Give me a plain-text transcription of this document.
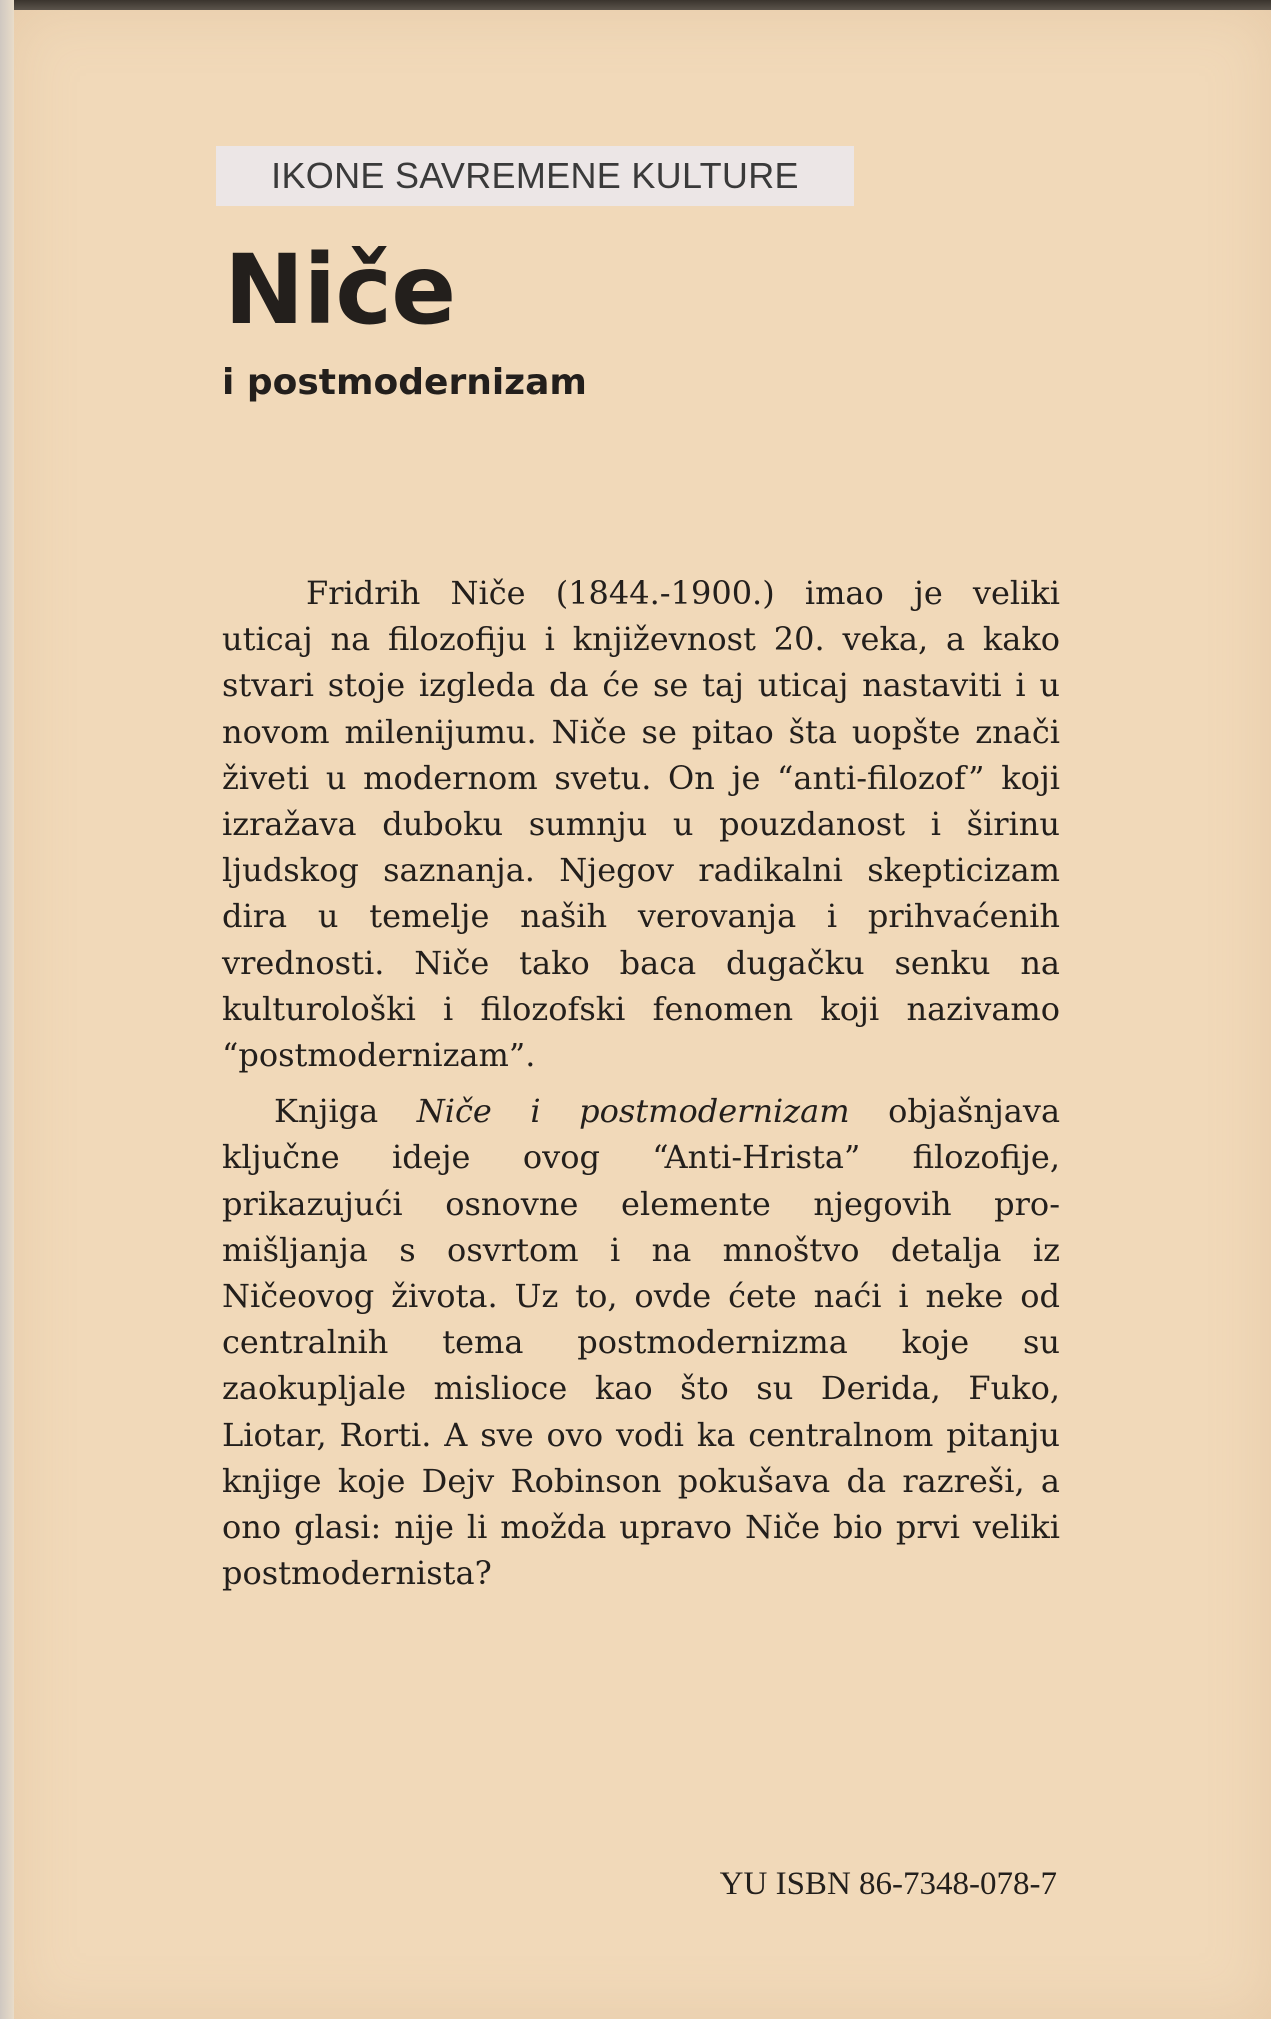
IKONE SAVREMENE KULTURE
Niče
i postmodernizam

Fridrih Niče (1844.-1900.) imao je veliki uticaj na filozofiju i književnost 20. veka, a kako stvari stoje izgleda da će se taj uticaj nastaviti i u novom milenijumu. Niče se pitao šta uopšte znači živeti u modernom svetu. On je “anti-filozof” koji izražava duboku sumnju u pouzdanost i širinu ljudskog saznanja. Njegov radikalni skepticizam dira u temelje naših verovanja i prihvaćenih vrednosti. Niče tako baca dugačku senku na kulturološki i filozofski fenomen koji nazivamo “postmodernizam”.

Knjiga Niče i postmodernizam objašnjava ključne ideje ovog “Anti-Hrista” filozofije, prikazujući osnovne elemente njegovih promišljanja s osvrtom i na mnoštvo detalja iz Ničeovog života. Uz to, ovde ćete naći i neke od centralnih tema postmodernizma koje su zaokupljale mislioce kao što su Derida, Fuko, Liotar, Rorti. A sve ovo vodi ka centralnom pitanju knjige koje Dejv Robinson pokušava da razreši, a ono glasi: nije li možda upravo Niče bio prvi veliki postmodernista?

YU ISBN 86-7348-078-7
